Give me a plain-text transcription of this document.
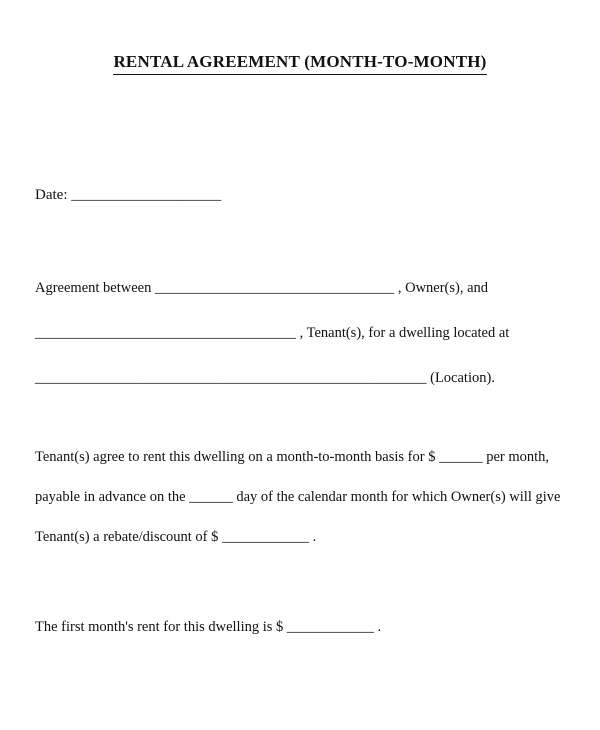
RENTAL AGREEMENT (MONTH-TO-MONTH)
Date: ____________________
Agreement between _________________________________ , Owner(s), and
____________________________________ , Tenant(s), for a dwelling located at
______________________________________________________ (Location).
Tenant(s) agree to rent this dwelling on a month-to-month basis for $ ______ per month,
payable in advance on the ______ day of the calendar month for which Owner(s) will give
Tenant(s) a rebate/discount of $ ____________ .
The first month's rent for this dwelling is $ ____________ .
